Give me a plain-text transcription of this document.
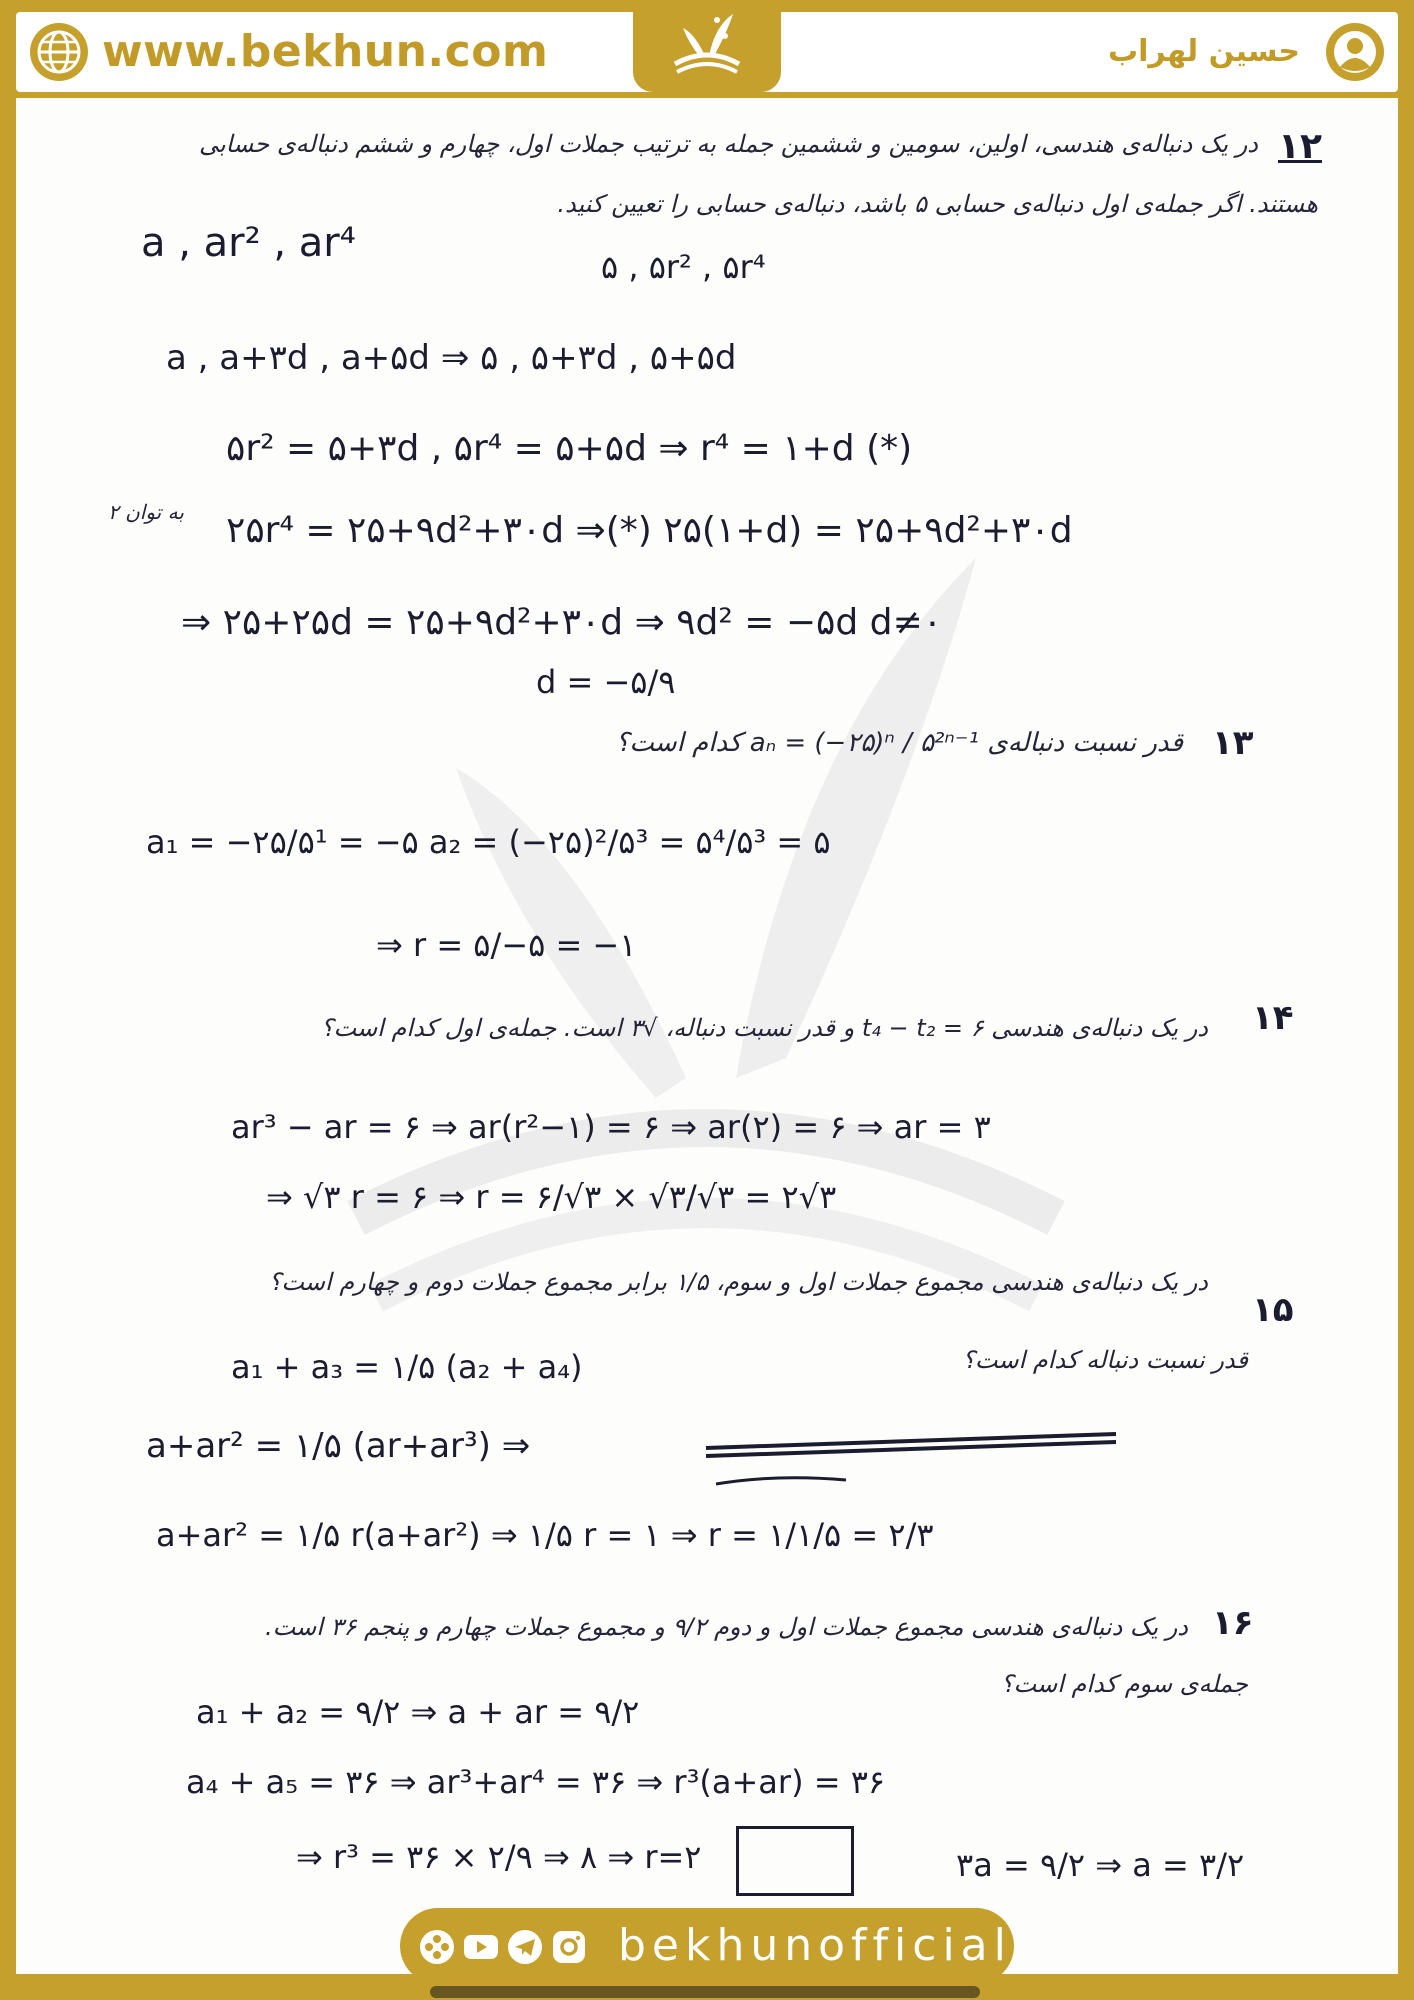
www.bekhun.com	حسین لهراب
۱۲
در یک دنباله‌ی هندسی، اولین، سومین و ششمین جمله به ترتیب جملات اول، چهارم و ششم دنباله‌ی حسابی
هستند. اگر جمله‌ی اول دنباله‌ی حسابی ۵ باشد، دنباله‌ی حسابی را تعیین کنید.
a , ar² , ar⁴
۵ , ۵r² , ۵r⁴
a , a+۳d , a+۵d ⇒ ۵ , ۵+۳d , ۵+۵d
۵r² = ۵+۳d , ۵r⁴ = ۵+۵d ⇒ r⁴ = ۱+d (*)
به توان ۲ ۲۵r⁴ = ۲۵+۹d²+۳۰d ⇒(*) ۲۵(۱+d) = ۲۵+۹d²+۳۰d
⇒ ۲۵+۲۵d = ۲۵+۹d²+۳۰d ⇒ ۹d² = −۵d d≠۰
d = −۵/۹
۱۳
قدر نسبت دنباله‌ی aₙ = (−۲۵)ⁿ / ۵²ⁿ⁻¹ کدام است؟
a₁ = −۲۵/۵¹ = −۵ a₂ = (−۲۵)²/۵³ = ۵⁴/۵³ = ۵
⇒ r = ۵/−۵ = −۱
۱۴
در یک دنباله‌ی هندسی t₄ − t₂ = ۶ و قدر نسبت دنباله، √۳ است. جمله‌ی اول کدام است؟
ar³ − ar = ۶ ⇒ ar(r²−۱) = ۶ ⇒ ar(۲) = ۶ ⇒ ar = ۳
⇒ √۳ r = ۶ ⇒ r = ۶/√۳ × √۳/√۳ = ۲√۳
۱۵
در یک دنباله‌ی هندسی مجموع جملات اول و سوم، ۱/۵ برابر مجموع جملات دوم و چهارم است؟
قدر نسبت دنباله کدام است؟
a₁ + a₃ = ۱/۵ (a₂ + a₄)
a+ar² = ۱/۵ (ar+ar³) ⇒
a+ar² = ۱/۵ r(a+ar²) ⇒ ۱/۵ r = ۱ ⇒ r = ۱/۱/۵ = ۲/۳
۱۶
در یک دنباله‌ی هندسی مجموع جملات اول و دوم ۹/۲ و مجموع جملات چهارم و پنجم ۳۶ است.
جمله‌ی سوم کدام است؟
a₁ + a₂ = ۹/۲ ⇒ a + ar = ۹/۲
a₄ + a₅ = ۳۶ ⇒ ar³+ar⁴ = ۳۶ ⇒ r³(a+ar) = ۳۶
⇒ r³ = ۳۶ × ۲/۹ ⇒ ۸ ⇒ r=۲	۳a = ۹/۲ ⇒ a = ۳/۲
bekhunofficial
